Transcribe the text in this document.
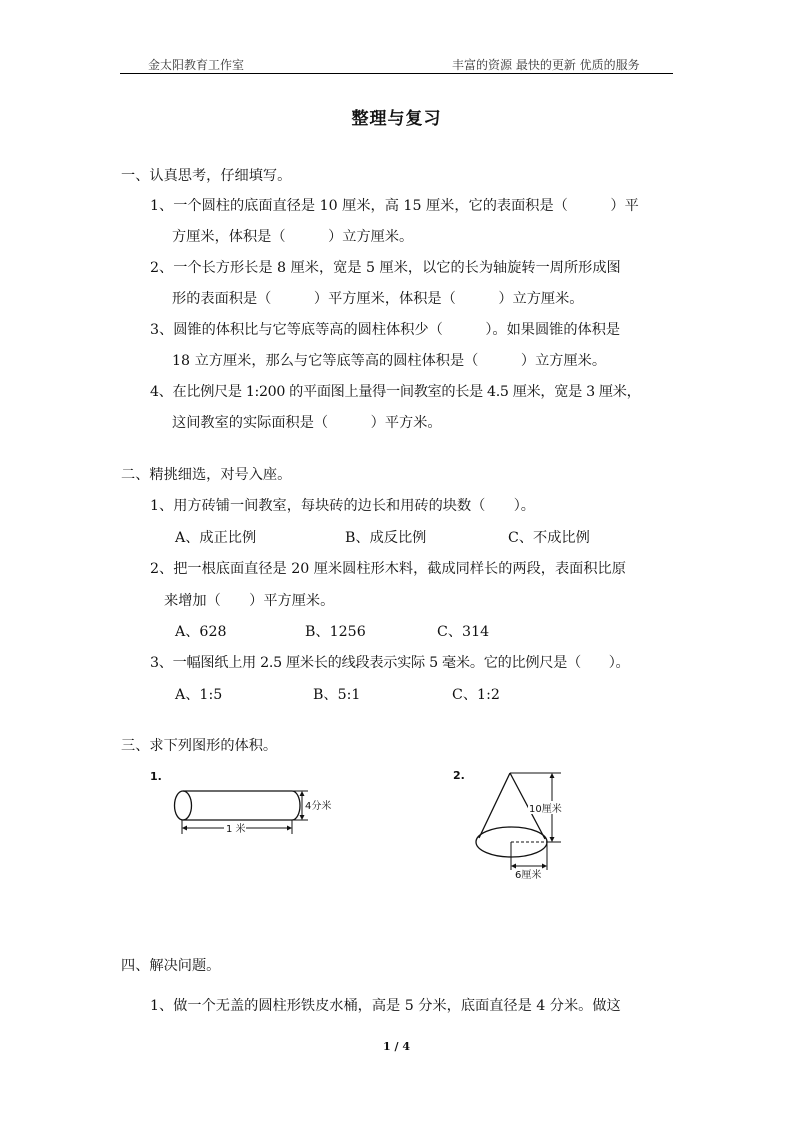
金太阳教育工作室	丰富的资源 最快的更新 优质的服务
整理与复习
一、认真思考，仔细填写。
1、一个圆柱的底面直径是 10 厘米，高 15 厘米，它的表面积是（　　　）平
方厘米，体积是（　　　）立方厘米。
2、一个长方形长是 8 厘米，宽是 5 厘米，以它的长为轴旋转一周所形成图
形的表面积是（　　　）平方厘米，体积是（　　　）立方厘米。
3、圆锥的体积比与它等底等高的圆柱体积少（　　　）。如果圆锥的体积是
18 立方厘米，那么与它等底等高的圆柱体积是（　　　）立方厘米。
4、在比例尺是 1:200 的平面图上量得一间教室的长是 4.5 厘米，宽是 3 厘米，
这间教室的实际面积是（　　　）平方米。
二、精挑细选，对号入座。
1、用方砖铺一间教室，每块砖的边长和用砖的块数（　　）。
A、成正比例	B、成反比例	C、不成比例
2、把一根底面直径是 20 厘米圆柱形木料，截成同样长的两段，表面积比原
来增加（　　）平方厘米。
A、628	B、1256	C、314
3、一幅图纸上用 2.5 厘米长的线段表示实际 5 毫米。它的比例尺是（　　）。
A、1:5	B、5:1	C、1:2
三、求下列图形的体积。
1.
4分米
1 米
2.
10厘米
6厘米
四、解决问题。
1、做一个无盖的圆柱形铁皮水桶，高是 5 分米，底面直径是 4 分米。做这
1 / 4
